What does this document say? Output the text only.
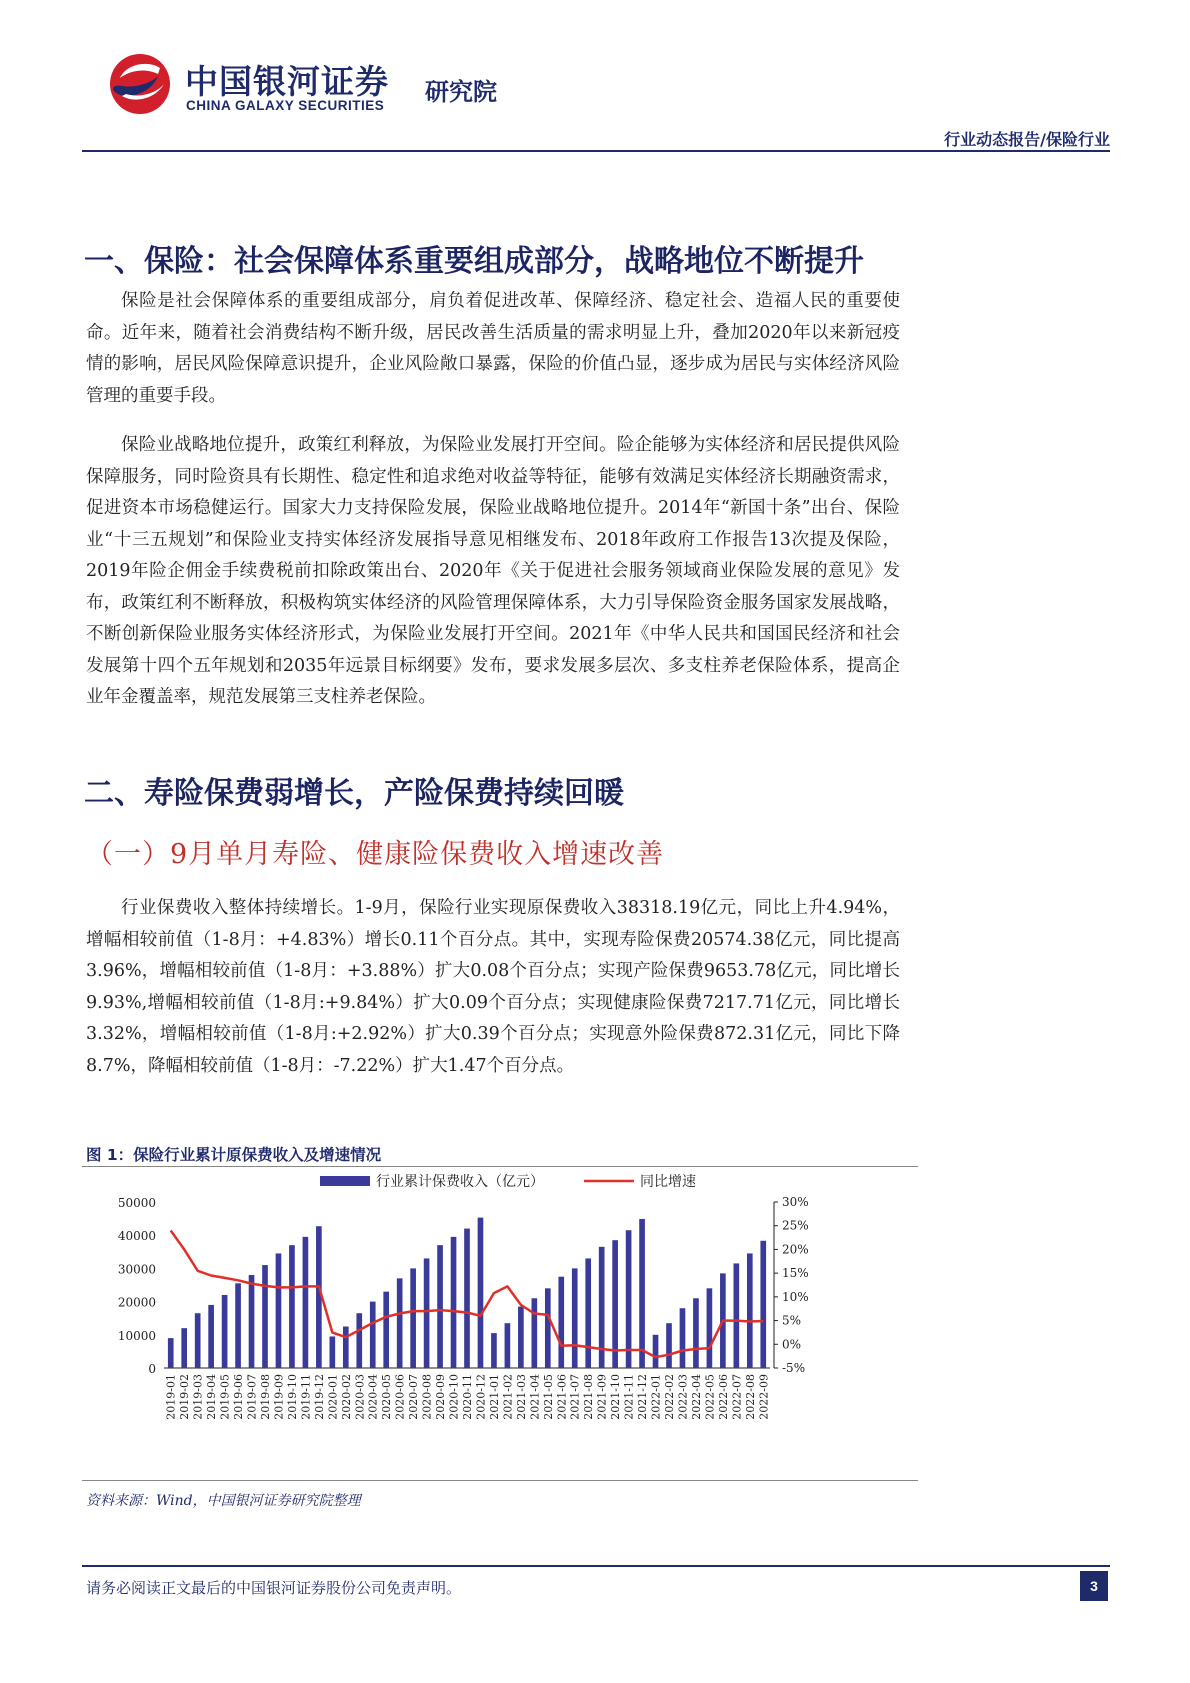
中国银河证券
CHINA GALAXY SECURITIES 研究院
行业动态报告/保险行业
一、保险：社会保障体系重要组成部分，战略地位不断提升

保险是社会保障体系的重要组成部分，肩负着促进改革、保障经济、稳定社会、造福人民的重要使命。近年来，随着社会消费结构不断升级，居民改善生活质量的需求明显上升，叠加2020年以来新冠疫情的影响，居民风险保障意识提升，企业风险敞口暴露，保险的价值凸显，逐步成为居民与实体经济风险管理的重要手段。

保险业战略地位提升，政策红利释放，为保险业发展打开空间。险企能够为实体经济和居民提供风险保障服务，同时险资具有长期性、稳定性和追求绝对收益等特征，能够有效满足实体经济长期融资需求，促进资本市场稳健运行。国家大力支持保险发展，保险业战略地位提升。2014年“新国十条”出台、保险业“十三五规划”和保险业支持实体经济发展指导意见相继发布、2018年政府工作报告13次提及保险，2019年险企佣金手续费税前扣除政策出台、2020年《关于促进社会服务领域商业保险发展的意见》发布，政策红利不断释放，积极构筑实体经济的风险管理保障体系，大力引导保险资金服务国家发展战略，不断创新保险业服务实体经济形式，为保险业发展打开空间。2021年《中华人民共和国国民经济和社会发展第十四个五年规划和2035年远景目标纲要》发布，要求发展多层次、多支柱养老保险体系，提高企业年金覆盖率，规范发展第三支柱养老保险。

二、寿险保费弱增长，产险保费持续回暖
（一）9月单月寿险、健康险保费收入增速改善

行业保费收入整体持续增长。1-9月，保险行业实现原保费收入38318.19亿元，同比上升4.94%，增幅相较前值（1-8月：+4.83%）增长0.11个百分点。其中，实现寿险保费20574.38亿元，同比提高3.96%，增幅相较前值（1-8月：+3.88%）扩大0.08个百分点；实现产险保费9653.78亿元，同比增长9.93%,增幅相较前值（1-8月:+9.84%）扩大0.09个百分点；实现健康险保费7217.71亿元，同比增长3.32%，增幅相较前值（1-8月:+2.92%）扩大0.39个百分点；实现意外险保费872.31亿元，同比下降8.7%，降幅相较前值（1-8月：-7.22%）扩大1.47个百分点。

图 1：保险行业累计原保费收入及增速情况
行业累计保费收入（亿元）	同比增速
0
10000
20000
30000
40000
50000
-5%
0%
5%
10%
15%
20%
25%
30%
2019-01 2019-02 2019-03 2019-04 2019-05 2019-06 2019-07 2019-08 2019-09 2019-10 2019-11 2019-12 2020-01 2020-02 2020-03 2020-04 2020-05 2020-06 2020-07 2020-08 2020-09 2020-10 2020-11 2020-12 2021-01 2021-02 2021-03 2021-04 2021-05 2021-06 2021-07 2021-08 2021-09 2021-10 2021-11 2021-12 2022-01 2022-02 2022-03 2022-04 2022-05 2022-06 2022-07 2022-08 2022-09
资料来源：Wind，中国银河证券研究院整理
请务必阅读正文最后的中国银河证券股份公司免责声明。	3
